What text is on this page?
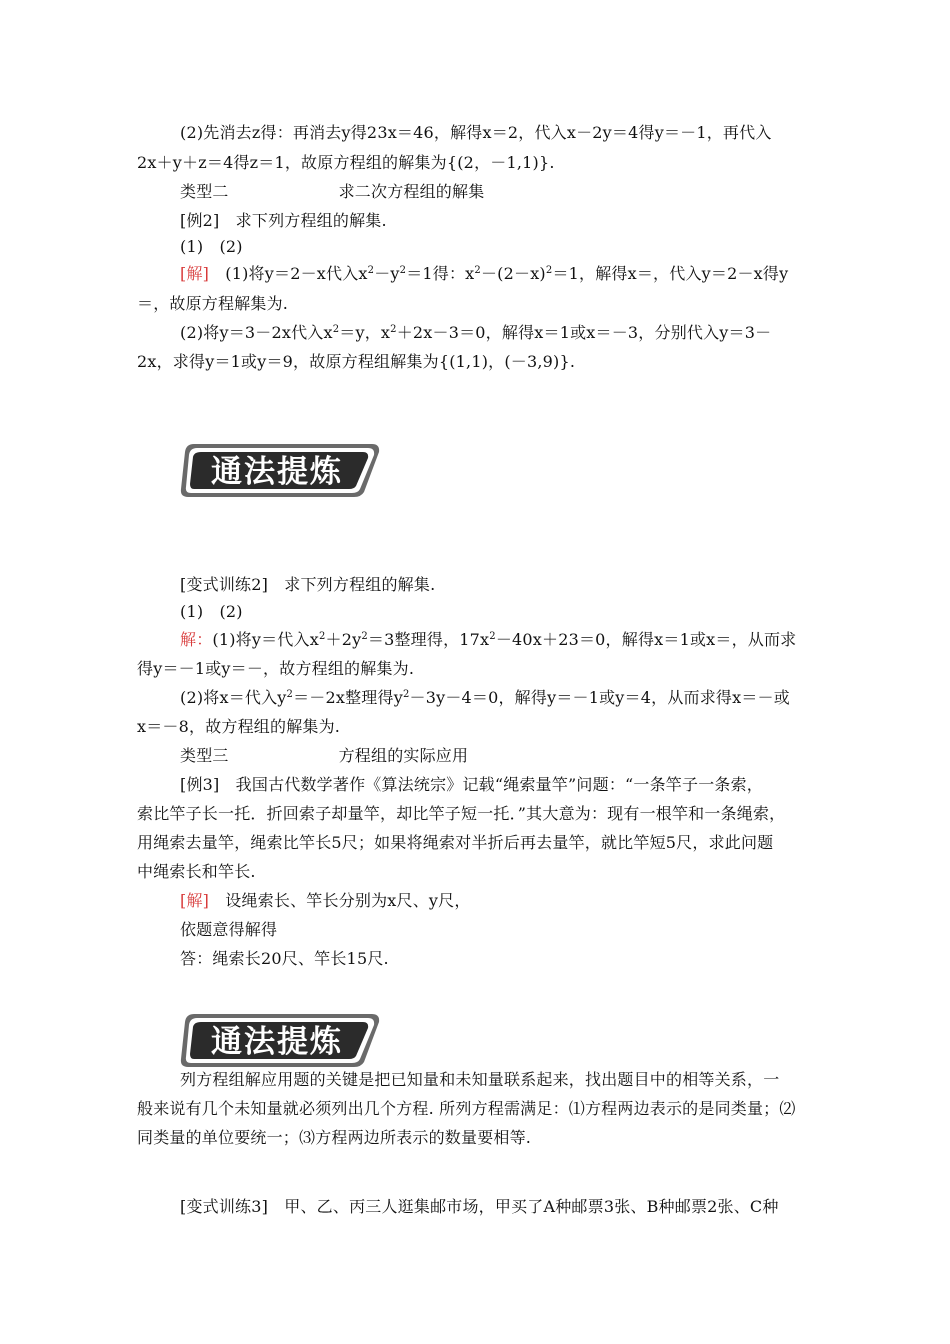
(2)先消去z得：再消去y得23x＝46，解得x＝2，代入x－2y＝4得y＝－1，再代入
2x＋y＋z＝4得z＝1，故原方程组的解集为{(2，－1,1)}.
类型二	求二次方程组的解集
[例2]　求下列方程组的解集.
(1)　(2)
[解]　(1)将y＝2－x代入$x^2-y^2=1$得：$x^2-(2-x)^2=1$，解得x＝，代入y＝2－x得y
＝，故原方程解集为.
(2)将y＝3－2x代入$x^2=y$，$x^2+2x-3=0$，解得x＝1或x＝－3，分别代入y＝3－
2x，求得y＝1或y＝9，故原方程组解集为{(1,1)，(－3,9)}.
通法提炼
[变式训练2]　求下列方程组的解集.
(1)　(2)
解：(1)将y＝代入$x^2+2y^2=3$整理得，$17x^2-40x+23=0$，解得x＝1或x＝，从而求
得y＝－1或y＝－，故方程组的解集为.
(2)将x＝代入$y^2=-2x$整理得$y^2-3y-4=0$，解得y＝－1或y＝4，从而求得x＝－或
x＝－8，故方程组的解集为.
类型三	方程组的实际应用
[例3]　我国古代数学著作《算法统宗》记载“绳索量竿”问题：“一条竿子一条索，
索比竿子长一托．折回索子却量竿，却比竿子短一托．”其大意为：现有一根竿和一条绳索，
用绳索去量竿，绳索比竿长5尺；如果将绳索对半折后再去量竿，就比竿短5尺，求此问题
中绳索长和竿长.
[解]　设绳索长、竿长分别为x尺、y尺，
依题意得解得
答：绳索长20尺、竿长15尺.
通法提炼
列方程组解应用题的关键是把已知量和未知量联系起来，找出题目中的相等关系，一
般来说有几个未知量就必须列出几个方程. 所列方程需满足：⑴方程两边表示的是同类量；⑵
同类量的单位要统一；⑶方程两边所表示的数量要相等.
[变式训练3]　甲、乙、丙三人逛集邮市场，甲买了A种邮票3张、B种邮票2张、C种
